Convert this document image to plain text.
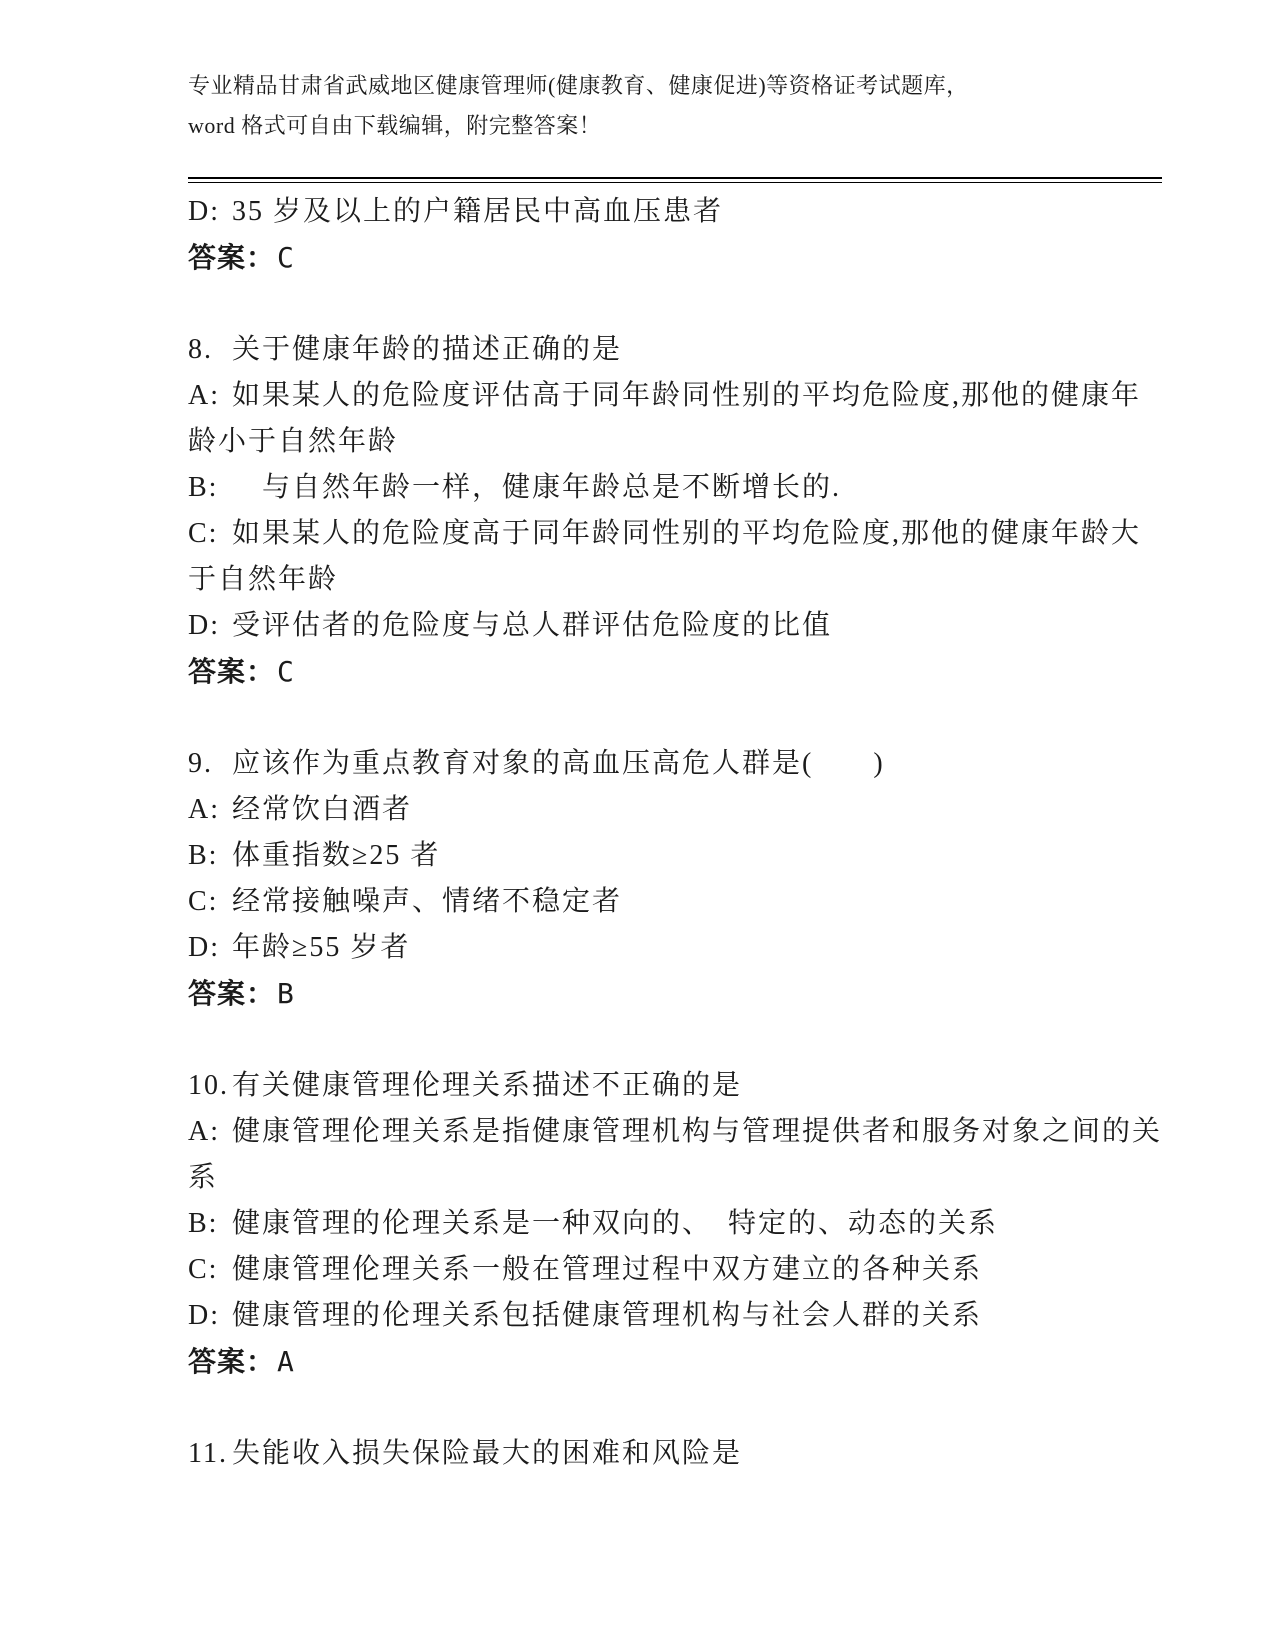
专业精品甘肃省武威地区健康管理师(健康教育、健康促进)等资格证考试题库，
word 格式可自由下载编辑，附完整答案！
D: 35 岁及以上的户籍居民中高血压患者
答案：C
8. 关于健康年龄的描述正确的是
A: 如果某人的危险度评估高于同年龄同性别的平均危险度,那他的健康年龄小于自然年龄
B:　与自然年龄一样，健康年龄总是不断增长的.
C: 如果某人的危险度高于同年龄同性别的平均危险度,那他的健康年龄大于自然年龄
D: 受评估者的危险度与总人群评估危险度的比值
答案：C
9. 应该作为重点教育对象的高血压高危人群是(　　)
A: 经常饮白酒者
B: 体重指数≥25 者
C: 经常接触噪声、情绪不稳定者
D: 年龄≥55 岁者
答案：B
10. 有关健康管理伦理关系描述不正确的是
A: 健康管理伦理关系是指健康管理机构与管理提供者和服务对象之间的关系
B: 健康管理的伦理关系是一种双向的、　特定的、动态的关系
C: 健康管理伦理关系一般在管理过程中双方建立的各种关系
D: 健康管理的伦理关系包括健康管理机构与社会人群的关系
答案：A
11. 失能收入损失保险最大的困难和风险是
